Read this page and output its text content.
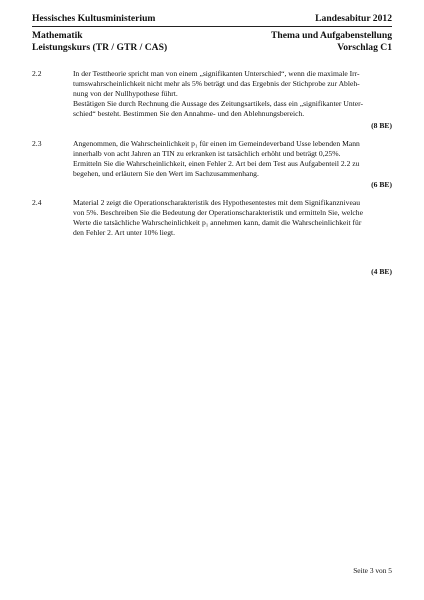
Hessisches Kultusministerium	Landesabitur 2012
Mathematik	Thema und Aufgabenstellung
Leistungskurs (TR / GTR / CAS)	Vorschlag C1
2.2	In der Testtheorie spricht man von einem „signifikanten Unterschied“, wenn die maximale Irr-
tumswahrscheinlichkeit nicht mehr als 5% beträgt und das Ergebnis der Stichprobe zur Ableh-
nung von der Nullhypothese führt.
Bestätigen Sie durch Rechnung die Aussage des Zeitungsartikels, dass ein „signifikanter Unter-
schied“ besteht. Bestimmen Sie den Annahme- und den Ablehnungsbereich.
(8 BE)
2.3	Angenommen, die Wahrscheinlichkeit p₁ für einen im Gemeindeverband Usse lebenden Mann
innerhalb von acht Jahren an TIN zu erkranken ist tatsächlich erhöht und beträgt 0,25%.
Ermitteln Sie die Wahrscheinlichkeit, einen Fehler 2. Art bei dem Test aus Aufgabenteil 2.2 zu
begehen, und erläutern Sie den Wert im Sachzusammenhang.
(6 BE)
2.4	Material 2 zeigt die Operationscharakteristik des Hypothesentestes mit dem Signifikanzniveau
von 5%. Beschreiben Sie die Bedeutung der Operationscharakteristik und ermitteln Sie, welche
Werte die tatsächliche Wahrscheinlichkeit p₁ annehmen kann, damit die Wahrscheinlichkeit für
den Fehler 2. Art unter 10% liegt.
(4 BE)
Seite 3 von 5
